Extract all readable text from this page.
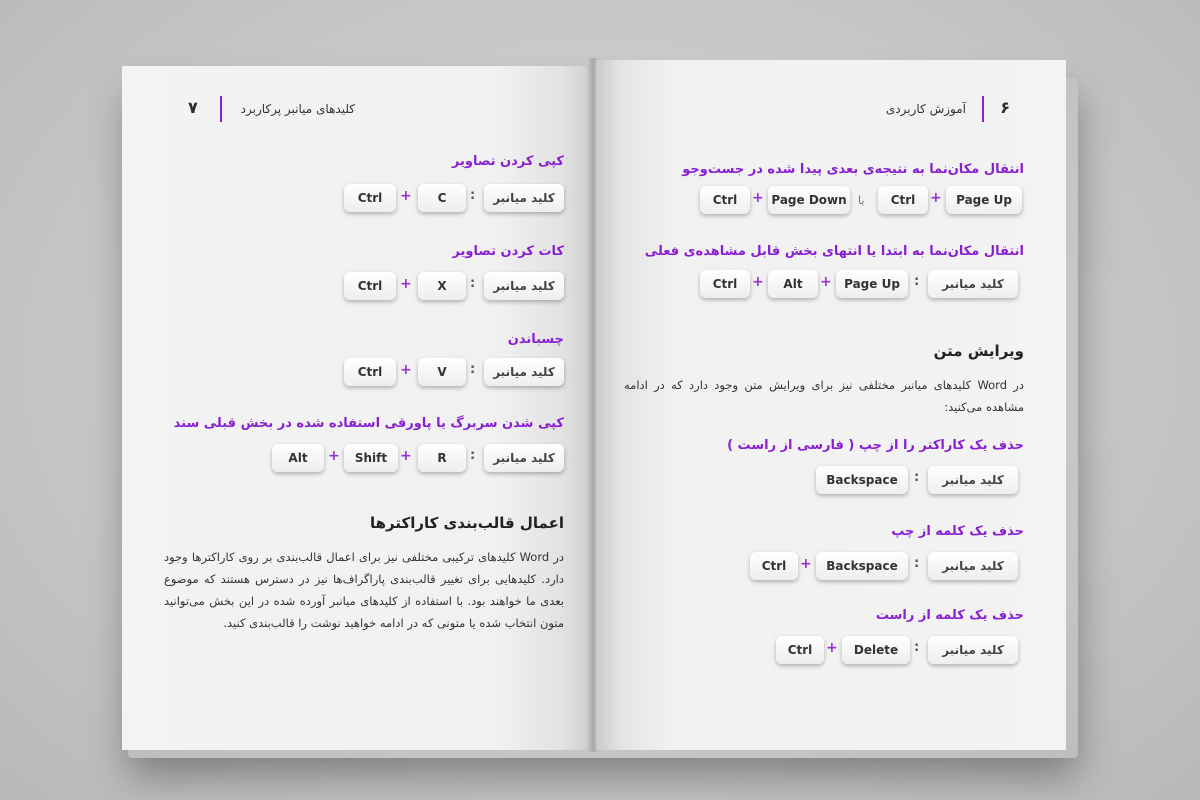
۷	کلیدهای میانبر پرکاربرد
کپی کردن تصاویر
کلید میانبر
:
C
+
Ctrl
کات کردن تصاویر
کلید میانبر
:
X
+
Ctrl
چسباندن
کلید میانبر
:
V
+
Ctrl
کپی شدن سربرگ یا پاورقی استفاده شده در بخش قبلی سند
کلید میانبر
:
R
+
Shift
+
Alt
اعمال قالب‌بندی کاراکترها
در Word کلیدهای ترکیبی مختلفی نیز برای اعمال قالب‌بندی بر روی کاراکترها وجود دارد. کلیدهایی برای تغییر قالب‌بندی پاراگراف‌ها نیز در دسترس هستند که موضوع بعدی ما خواهند بود. با استفاده از کلیدهای میانبر آورده شده در این بخش می‌توانید متون انتخاب شده یا متونی که در ادامه خواهید نوشت را قالب‌بندی کنید.
۶
آموزش کاربردی
انتقال مکان‌نما به نتیجه‌ی بعدی پیدا شده در جست‌وجو
Page Up
+
Ctrl
یا
Page Down
+
Ctrl
انتقال مکان‌نما به ابتدا یا انتهای بخش قابل مشاهده‌ی فعلی
کلید میانبر
:
Page Up
+
Alt
+
Ctrl
ویرایش متن
در Word کلیدهای میانبر مختلفی نیز برای ویرایش متن وجود دارد که در ادامه مشاهده می‌کنید:
حذف یک کاراکتر را از چپ ( فارسی از راست )
کلید میانبر
:
Backspace
حذف یک کلمه از چپ
کلید میانبر
:
Backspace
+
Ctrl
حذف یک کلمه از راست
کلید میانبر
:
Delete
+
Ctrl
